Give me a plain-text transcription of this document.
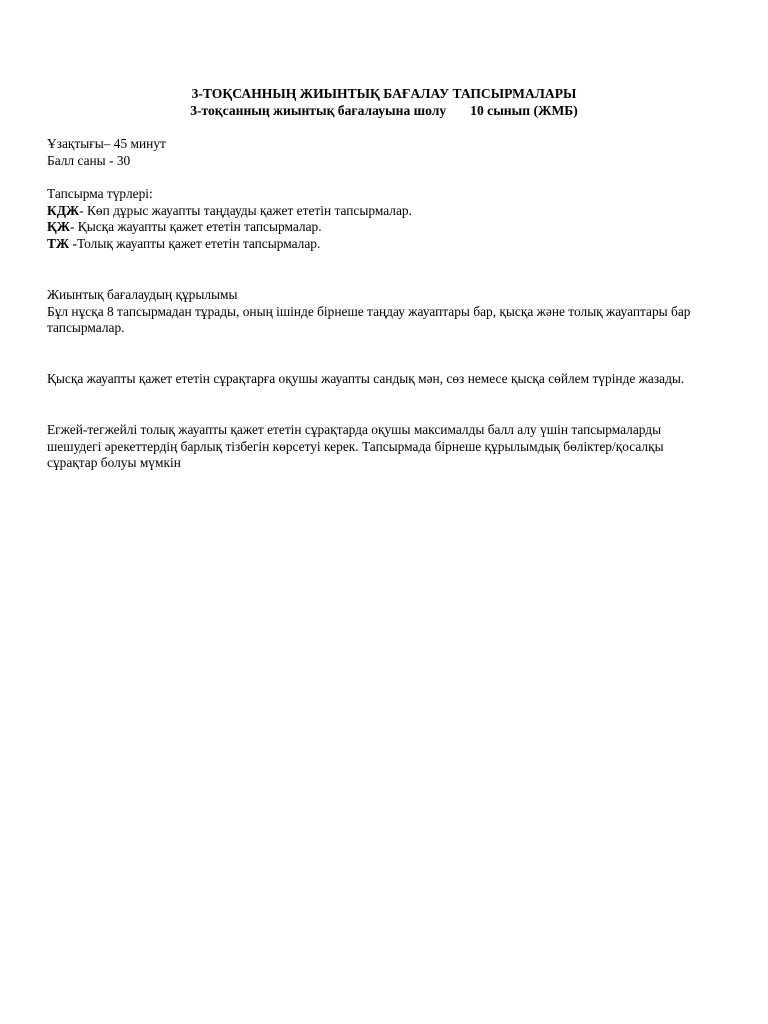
3-ТОҚСАННЫҢ ЖИЫНТЫҚ БАҒАЛАУ ТАПСЫРМАЛАРЫ
3-тоқсанның жиынтық бағалауына шолу 10 сынып (ЖМБ)
Ұзақтығы– 45 минут
Балл саны - 30
Тапсырма түрлері:
КДЖ- Көп дұрыс жауапты таңдауды қажет ететін тапсырмалар.
ҚЖ- Қысқа жауапты қажет ететін тапсырмалар.
ТЖ -Толық жауапты қажет ететін тапсырмалар.
Жиынтық бағалаудың құрылымы
Бұл нұсқа 8 тапсырмадан тұрады, оның ішінде бірнеше таңдау жауаптары бар, қысқа және толық жауаптары бар тапсырмалар.
Қысқа жауапты қажет ететін сұрақтарға оқушы жауапты сандық мән, сөз немесе қысқа сөйлем түрінде жазады.
Егжей-тегжейлі толық жауапты қажет ететін сұрақтарда оқушы максималды балл алу үшін тапсырмаларды шешудегі әрекеттердің барлық тізбегін көрсетуі керек. Тапсырмада бірнеше құрылымдық бөліктер/қосалқы сұрақтар болуы мүмкін
